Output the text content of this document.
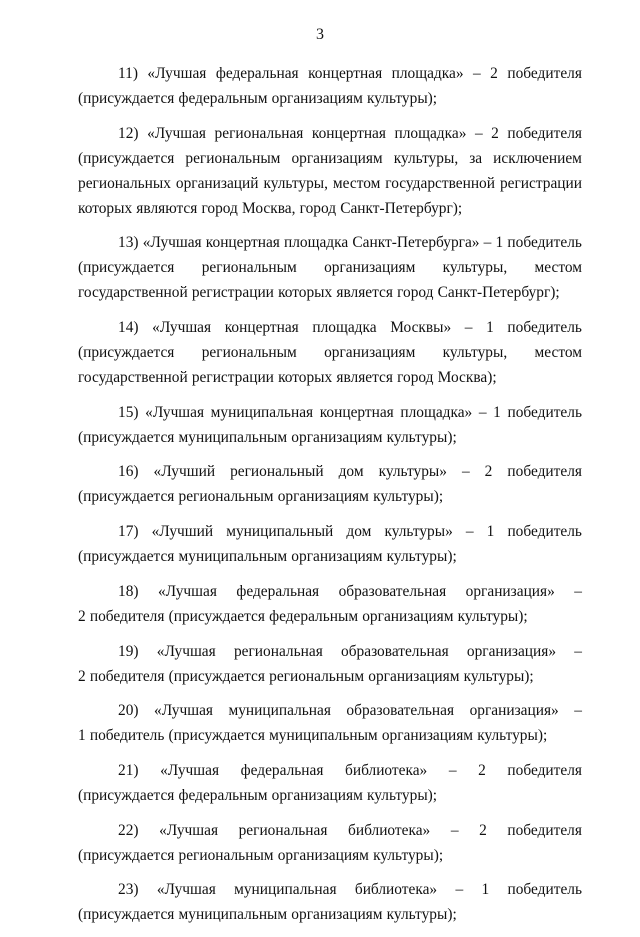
3
11) «Лучшая федеральная концертная площадка» – 2 победителя
(присуждается федеральным организациям культуры);
12) «Лучшая региональная концертная площадка» – 2 победителя
(присуждается региональным организациям культуры, за исключением
региональных организаций культуры, местом государственной регистрации
которых являются город Москва, город Санкт-Петербург);
13) «Лучшая концертная площадка Санкт-Петербурга» – 1 победитель
(присуждается региональным организациям культуры, местом
государственной регистрации которых является город Санкт-Петербург);
14) «Лучшая концертная площадка Москвы» – 1 победитель
(присуждается региональным организациям культуры, местом
государственной регистрации которых является город Москва);
15) «Лучшая муниципальная концертная площадка» – 1 победитель
(присуждается муниципальным организациям культуры);
16) «Лучший региональный дом культуры» – 2 победителя
(присуждается региональным организациям культуры);
17) «Лучший муниципальный дом культуры» – 1 победитель
(присуждается муниципальным организациям культуры);
18) «Лучшая федеральная образовательная организация» –
2 победителя (присуждается федеральным организациям культуры);
19) «Лучшая региональная образовательная организация» –
2 победителя (присуждается региональным организациям культуры);
20) «Лучшая муниципальная образовательная организация» –
1 победитель (присуждается муниципальным организациям культуры);
21) «Лучшая федеральная библиотека» – 2 победителя
(присуждается федеральным организациям культуры);
22) «Лучшая региональная библиотека» – 2 победителя
(присуждается региональным организациям культуры);
23) «Лучшая муниципальная библиотека» – 1 победитель
(присуждается муниципальным организациям культуры);
